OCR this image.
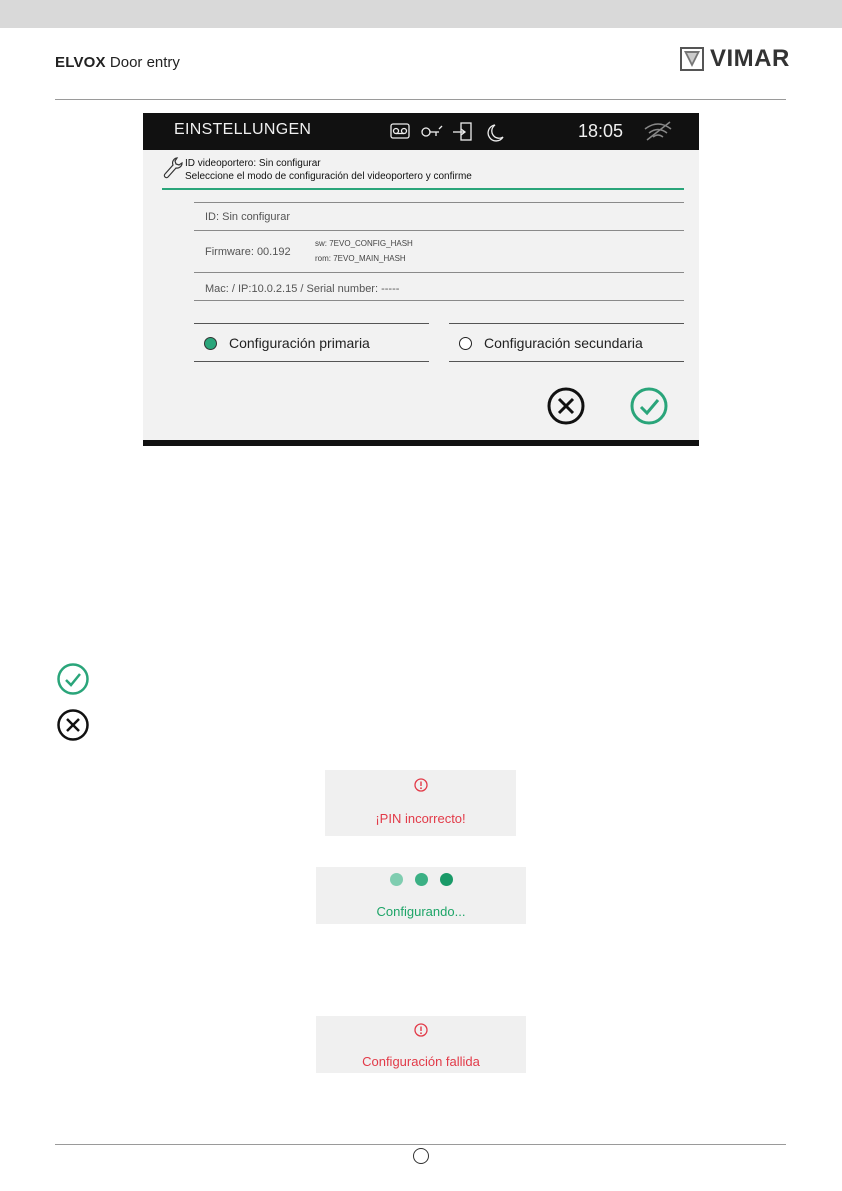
ELVOX Door entry	VIMAR
EINSTELLUNGEN	18:05
ID videoportero: Sin configurar
Seleccione el modo de configuración del videoportero y confirme
ID: Sin configurar
Firmware: 00.192
sw: 7EVO_CONFIG_HASH
rom: 7EVO_MAIN_HASH
Mac: / IP:10.0.2.15 / Serial number: -----
Configuración primaria	Configuración secundaria
¡PIN incorrecto!
Configurando...
Configuración fallida
